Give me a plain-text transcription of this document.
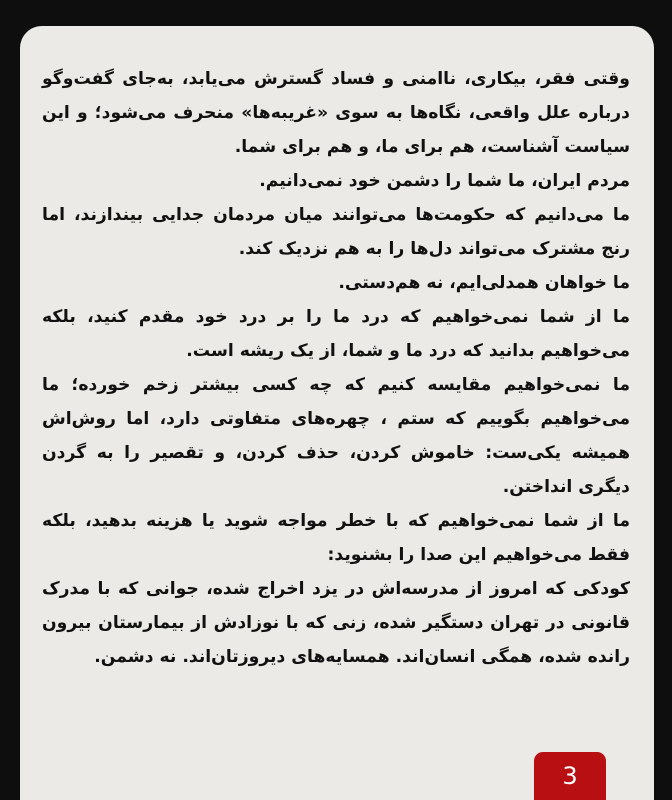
وقتی فقر، بیکاری، ناامنی و فساد گسترش می‌یابد، به‌جای گفت‌وگو درباره علل واقعی، نگاه‌ها به سوی «غریبه‌ها» منحرف می‌شود؛ و این سیاست آشناست، هم برای ما، و هم برای شما.

مردم ایران، ما شما را دشمن خود نمی‌دانیم.

ما می‌دانیم که حکومت‌ها می‌توانند میان مردمان جدایی بیندازند، اما رنج مشترک می‌تواند دل‌ها را به هم نزدیک کند.

ما خواهان همدلی‌ایم، نه هم‌دستی.

ما از شما نمی‌خواهیم که درد ما را بر درد خود مقدم کنید، بلکه می‌خواهیم بدانید که درد ما و شما، از یک ریشه است.

ما نمی‌خواهیم مقایسه کنیم که چه کسی بیشتر زخم خورده؛ ما می‌خواهیم بگوییم که ستم ، چهره‌های متفاوتی دارد، اما روش‌اش همیشه یکی‌ست: خاموش کردن، حذف کردن، و تقصیر را به گردن دیگری انداختن.

ما از شما نمی‌خواهیم که با خطر مواجه شوید یا هزینه بدهید، بلکه فقط می‌خواهیم این صدا را بشنوید:

کودکی که امروز از مدرسه‌اش در یزد اخراج شده، جوانی که با مدرک قانونی در تهران دستگیر شده، زنی که با نوزادش از بیمارستان بیرون رانده شده، همگی انسان‌اند. همسایه‌های دیروزتان‌اند. نه دشمن.

3
